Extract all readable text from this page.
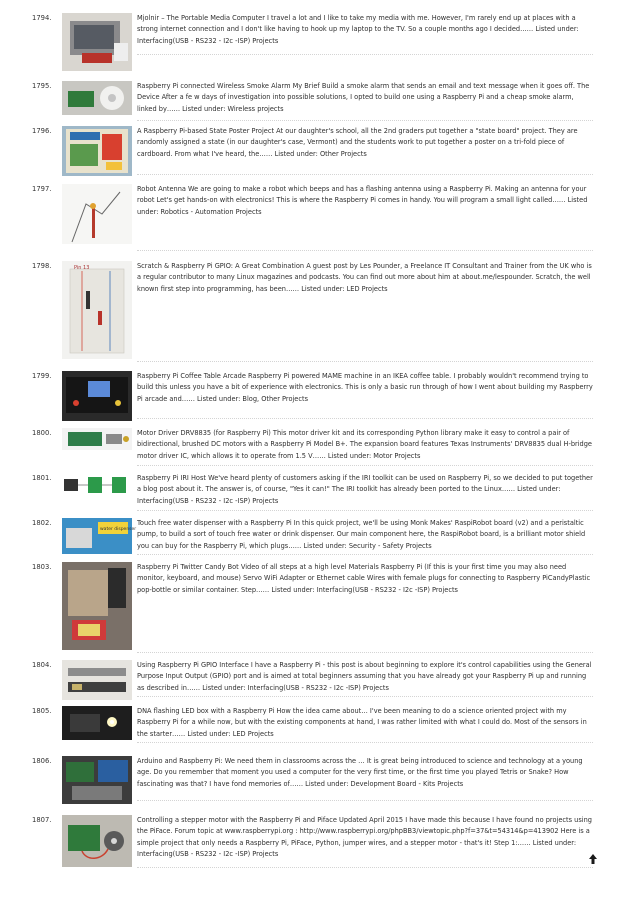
1794.	Mjolnir – The Portable Media Computer I travel a lot and I like to take my media with me. However, I'm rarely end up at places with a strong internet connection and I don't like having to hook up my laptop to the TV. So a couple months ago I decided…… Listed under: Interfacing(USB - RS232 - I2c -ISP) Projects
1795.	Raspberry Pi connected Wireless Smoke Alarm My Brief Build a smoke alarm that sends an email and text message when it goes off. The Device After a fe w days of investigation into possible solutions, I opted to build one using a Raspberry Pi and a cheap smoke alarm, linked by…… Listed under: Wireless projects
1796.	A Raspberry Pi-based State Poster Project At our daughter's school, all the 2nd graders put together a "state board" project. They are randomly assigned a state (in our daughter's case, Vermont) and the students work to put together a poster on a tri-fold piece of cardboard. From what I've heard, the…… Listed under: Other Projects
1797.	Robot Antenna We are going to make a robot which beeps and has a flashing antenna using a Raspberry Pi. Making an antenna for your robot Let's get hands-on with electronics! This is where the Raspberry Pi comes in handy. You will program a small light called…… Listed under: Robotics - Automation Projects
1798.	Pin 13	Scratch & Raspberry Pi GPIO: A Great Combination A guest post by Les Pounder, a Freelance IT Consultant and Trainer from the UK who is a regular contributor to many Linux magazines and podcasts. You can find out more about him at about.me/lespounder. Scratch, the well known first step into programming, has been…… Listed under: LED Projects
1799.	Raspberry Pi Coffee Table Arcade Raspberry Pi powered MAME machine in an IKEA coffee table. I probably wouldn't recommend trying to build this unless you have a bit of experience with electronics. This is only a basic run through of how I went about building my Raspberry Pi arcade and…… Listed under: Blog, Other Projects
1800.	Motor Driver DRV8835 (for Raspberry Pi) This motor driver kit and its corresponding Python library make it easy to control a pair of bidirectional, brushed DC motors with a Raspberry Pi Model B+. The expansion board features Texas Instruments' DRV8835 dual H-bridge motor driver IC, which allows it to operate from 1.5 V…… Listed under: Motor Projects
1801.	Raspberry Pi IRI Host We've heard plenty of customers asking if the IRI toolkit can be used on Raspberry Pi, so we decided to put together a blog post about it. The answer is, of course, "Yes it can!" The IRI toolkit has already been ported to the Linux…… Listed under: Interfacing(USB - RS232 - I2c -ISP) Projects
1802.
water dispenser
Touch free water dispenser with a Raspberry Pi In this quick project, we'll be using Monk Makes' RaspiRobot board (v2) and a peristaltic pump, to build a sort of touch free water or drink dispenser. Our main component here, the RaspiRobot board, is a brilliant motor shield you can buy for the Raspberry Pi, which plugs…… Listed under: Security - Safety Projects
1803.	Raspberry Pi Twitter Candy Bot Video of all steps at a high level Materials Raspberry Pi (If this is your first time you may also need monitor, keyboard, and mouse) Servo WiFi Adapter or Ethernet cable Wires with female plugs for connecting to Raspberry PiCandyPlastic pop-bottle or similar container. Step…… Listed under: Interfacing(USB - RS232 - I2c -ISP) Projects
1804.	Using Raspberry Pi GPIO Interface I have a Raspberry Pi - this post is about beginning to explore it's control capabilities using the General Purpose Input Output (GPIO) port and is aimed at total beginners assuming that you have already got your Raspberry Pi up and running as described in…… Listed under: Interfacing(USB - RS232 - I2c -ISP) Projects
1805.	DNA flashing LED box with a Raspberry Pi How the idea came about… I've been meaning to do a science oriented project with my Raspberry Pi for a while now, but with the existing components at hand, I was rather limited with what I could do. Most of the sensors in the starter…… Listed under: LED Projects
1806.	Arduino and Raspberry Pi: We need them in classrooms across the … It is great being introduced to science and technology at a young age. Do you remember that moment you used a computer for the very first time, or the first time you played Tetris or Snake? How fascinating was that? I have fond memories of…… Listed under: Development Board - Kits Projects
1807.	Controlling a stepper motor with the Raspberry Pi and Piface Updated April 2015 I have made this because I have found no projects using the PiFace. Forum topic at www.raspberrypi.org : http://www.raspberrypi.org/phpBB3/viewtopic.php?f=37&t=54314&p=413902 Here is a simple project that only needs a Raspberry Pi, PiFace, Python, jumper wires, and a stepper motor - that's it! Step 1:…… Listed under: Interfacing(USB - RS232 - I2c -ISP) Projects
